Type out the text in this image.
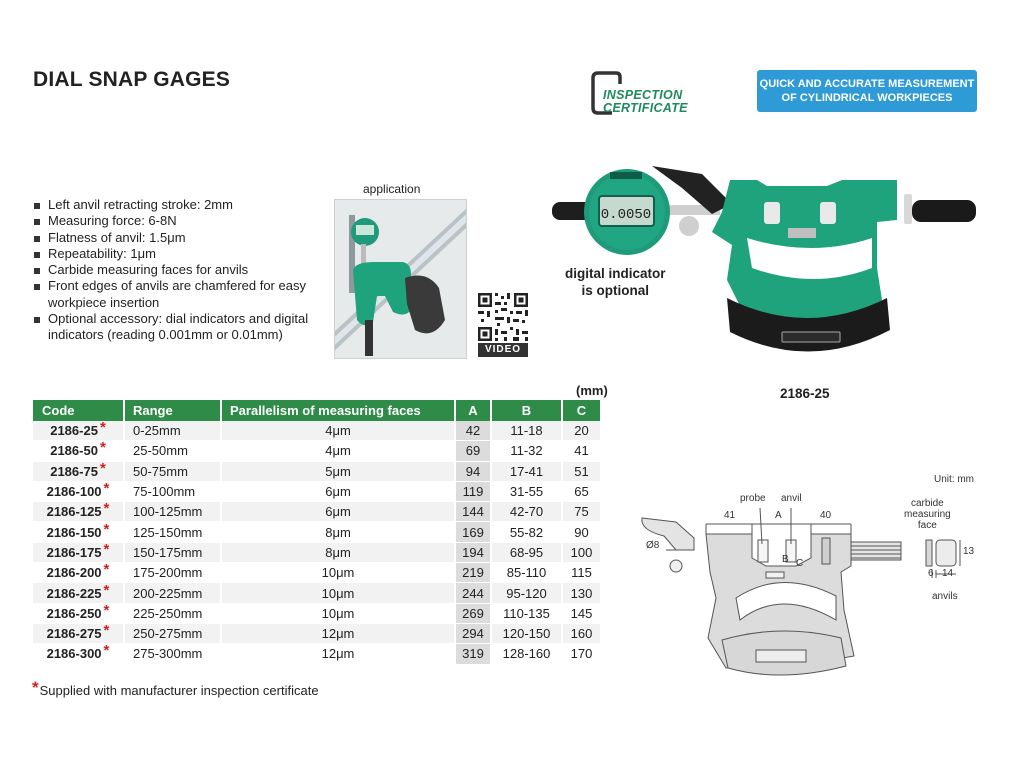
DIAL SNAP GAGES
INSPECTION
CERTIFICATE
QUICK AND ACCURATE MEASUREMENT
OF CYLINDRICAL WORKPIECES
Left anvil retracting stroke: 2mm
Measuring force: 6-8N
Flatness of anvil: 1.5μm
Repeatability: 1μm
Carbide measuring faces for anvils
Front edges of anvils are chamfered for easy workpiece insertion
Optional accessory: dial indicators and digital indicators (reading 0.001mm or 0.01mm)
application
VIDEO
0.0050
digital indicator
is optional
2186-25
(mm)
Code	Range	Parallelism of measuring faces	A	B	C
2186-25 *	0-25mm	4μm	42	11-18	20
2186-50 *	25-50mm	4μm	69	11-32	41
2186-75 *	50-75mm	5μm	94	17-41	51
2186-100 *	75-100mm	6μm	119	31-55	65
2186-125 *	100-125mm	6μm	144	42-70	75
2186-150 *	125-150mm	8μm	169	55-82	90
2186-175 *	150-175mm	8μm	194	68-95	100
2186-200 *	175-200mm	10μm	219	85-110	115
2186-225 *	200-225mm	10μm	244	95-120	130
2186-250 *	225-250mm	10μm	269	110-135	145
2186-275 *	250-275mm	12μm	294	120-150	160
2186-300 *	275-300mm	12μm	319	128-160	170
*Supplied with manufacturer inspection certificate
Unit: mm
probe anvil
41	A	40
B C
Ø8
carbide
measuring
face
6 14
13
anvils
